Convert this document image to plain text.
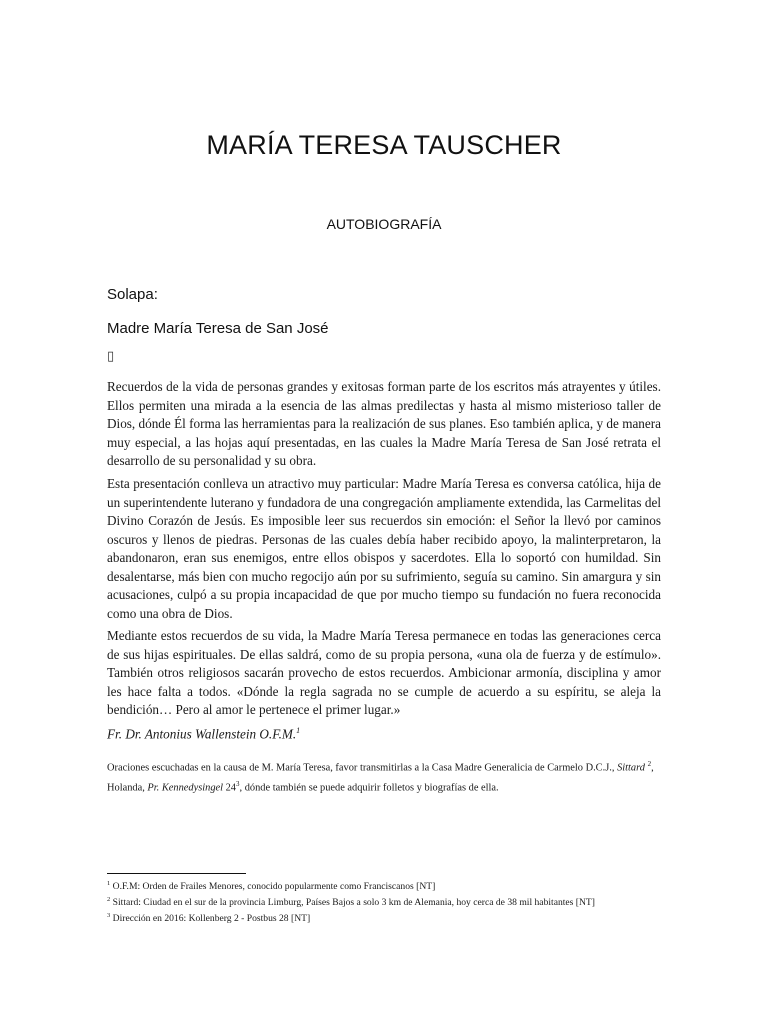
MARÍA TERESA TAUSCHER
AUTOBIOGRAFÍA
Solapa:
Madre María Teresa de San José
▯

Recuerdos de la vida de personas grandes y exitosas forman parte de los escritos más atrayentes y útiles. Ellos permiten una mirada a la esencia de las almas predilectas y hasta al mismo misterioso taller de Dios, dónde Él forma las herramientas para la realización de sus planes. Eso también aplica, y de manera muy especial, a las hojas aquí presentadas, en las cuales la Madre María Teresa de San José retrata el desarrollo de su personalidad y su obra.

Esta presentación conlleva un atractivo muy particular: Madre María Teresa es conversa católica, hija de un superintendente luterano y fundadora de una congregación ampliamente extendida, las Carmelitas del Divino Corazón de Jesús. Es imposible leer sus recuerdos sin emoción: el Señor la llevó por caminos oscuros y llenos de piedras. Personas de las cuales debía haber recibido apoyo, la malinterpretaron, la abandonaron, eran sus enemigos, entre ellos obispos y sacerdotes. Ella lo soportó con humildad. Sin desalentarse, más bien con mucho regocijo aún por su sufrimiento, seguía su camino. Sin amargura y sin acusaciones, culpó a su propia incapacidad de que por mucho tiempo su fundación no fuera reconocida como una obra de Dios.

Mediante estos recuerdos de su vida, la Madre María Teresa permanece en todas las generaciones cerca de sus hijas espirituales. De ellas saldrá, como de su propia persona, «una ola de fuerza y de estímulo». También otros religiosos sacarán provecho de estos recuerdos. Ambicionar armonía, disciplina y amor les hace falta a todos. «Dónde la regla sagrada no se cumple de acuerdo a su espíritu, se aleja la bendición… Pero al amor le pertenece el primer lugar.»

Fr. Dr. Antonius Wallenstein O.F.M.$^1$
Oraciones escuchadas en la causa de M. María Teresa, favor transmitirlas a la Casa Madre Generalicia de Carmelo D.C.J., Sittard $^2$, Holanda, Pr. Kennedysingel $24^3$, dónde también se puede adquirir folletos y biografías de ella.
$^1$ O.F.M: Orden de Frailes Menores, conocido popularmente como Franciscanos [NT]
$^2$ Sittard: Ciudad en el sur de la provincia Limburg, Países Bajos a solo 3 km de Alemania, hoy cerca de 38 mil habitantes [NT]
$^3$ Dirección en 2016: Kollenberg 2 - Postbus 28 [NT]
